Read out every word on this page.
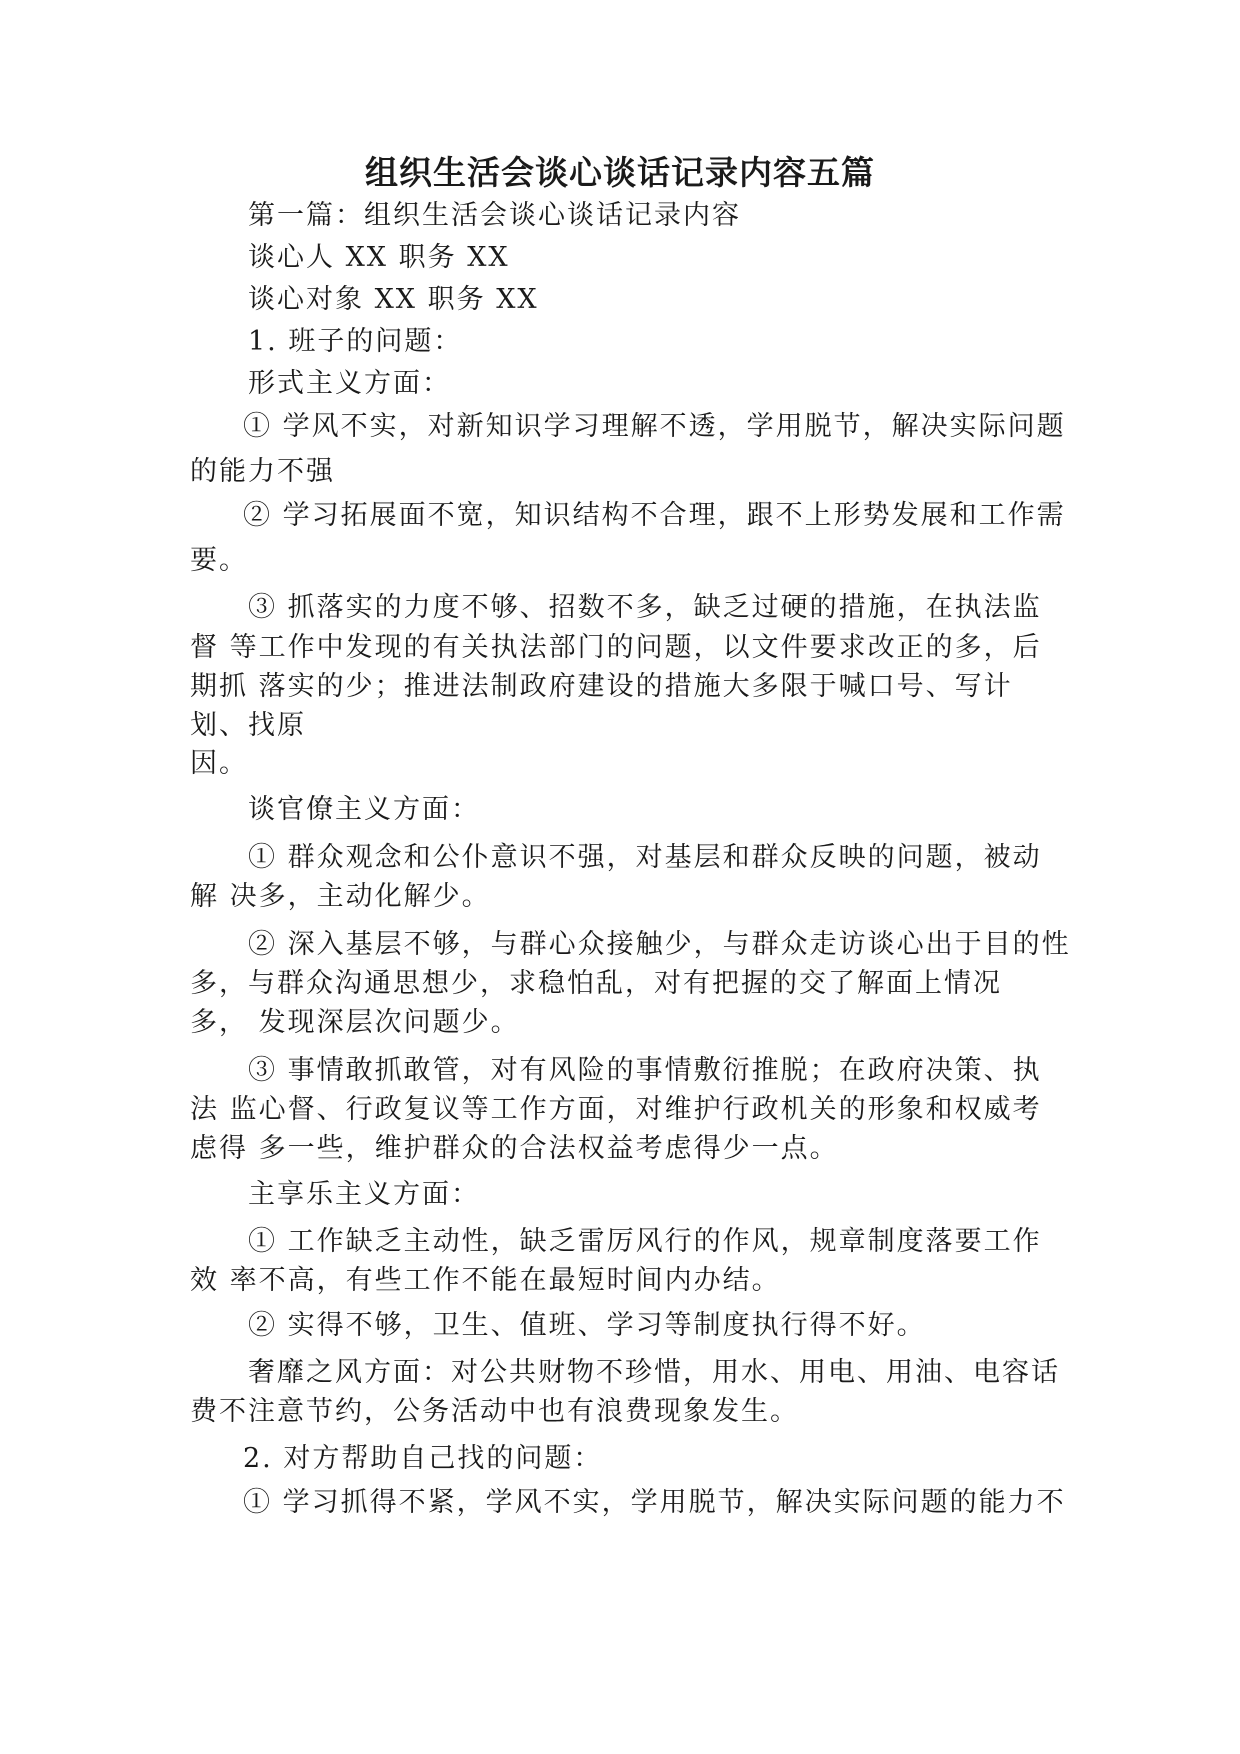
组织生活会谈心谈话记录内容五篇
第一篇：组织生活会谈心谈话记录内容
谈心人 XX 职务 XX
谈心对象 XX 职务 XX
1. 班子的问题：
形式主义方面：
① 学风不实，对新知识学习理解不透，学用脱节，解决实际问题
的能力不强
② 学习拓展面不宽，知识结构不合理，跟不上形势发展和工作需
要。
③ 抓落实的力度不够、招数不多，缺乏过硬的措施，在执法监
督 等工作中发现的有关执法部门的问题，以文件要求改正的多，后
期抓 落实的少；推进法制政府建设的措施大多限于喊口号、写计
划、找原
因。
谈官僚主义方面：
① 群众观念和公仆意识不强，对基层和群众反映的问题，被动
解 决多，主动化解少。
② 深入基层不够，与群心众接触少，与群众走访谈心出于目的性
多，与群众沟通思想少，求稳怕乱，对有把握的交了解面上情况
多， 发现深层次问题少。
③ 事情敢抓敢管，对有风险的事情敷衍推脱；在政府决策、执
法 监心督、行政复议等工作方面，对维护行政机关的形象和权威考
虑得 多一些，维护群众的合法权益考虑得少一点。
主享乐主义方面：
① 工作缺乏主动性，缺乏雷厉风行的作风，规章制度落要工作
效 率不高，有些工作不能在最短时间内办结。
② 实得不够，卫生、值班、学习等制度执行得不好。
奢靡之风方面：对公共财物不珍惜，用水、用电、用油、电容话
费不注意节约，公务活动中也有浪费现象发生。
2. 对方帮助自己找的问题：
① 学习抓得不紧，学风不实，学用脱节，解决实际问题的能力不
